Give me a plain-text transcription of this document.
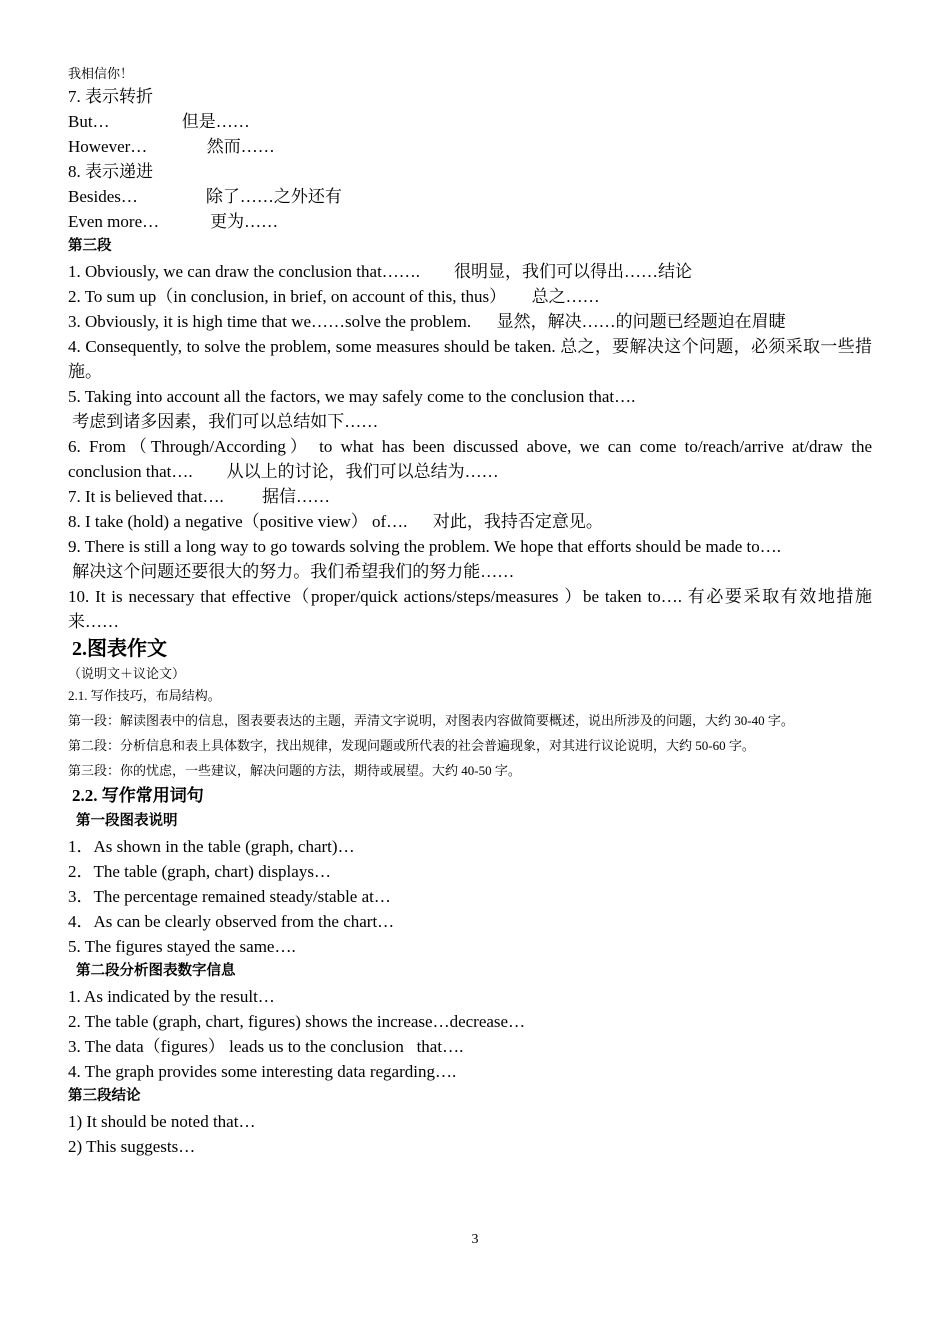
我相信你！
7. 表示转折
But…                 但是……
However…              然而……
8. 表示递进
Besides…                除了……之外还有
Even more…            更为……
第三段
1. Obviously, we can draw the conclusion that…….        很明显，我们可以得出……结论
2. To sum up（in conclusion, in brief, on account of this, thus）      总之……
3. Obviously, it is high time that we……solve the problem.      显然，解决……的问题已经题迫在眉睫
4. Consequently, to solve the problem, some measures should be taken. 总之，要解决这个问题，必须采取一些措施。
5. Taking into account all the factors, we may safely come to the conclusion that….
考虑到诸多因素，我们可以总结如下……
6. From（Through/According） to what has been discussed above, we can come to/reach/arrive at/draw the conclusion that….        从以上的讨论，我们可以总结为……
7. It is believed that….         据信……
8. I take (hold) a negative（positive view） of….      对此，我持否定意见。
9. There is still a long way to go towards solving the problem. We hope that efforts should be made to….
解决这个问题还要很大的努力。我们希望我们的努力能……
10. It is necessary that effective（proper/quick actions/steps/measures ）be taken to…. 有必要采取有效地措施来……
2.图表作文
（说明文＋议论文）
2.1. 写作技巧，布局结构。
第一段：解读图表中的信息，图表要表达的主题，弄清文字说明，对图表内容做简要概述，说出所涉及的问题，大约 30-40 字。
第二段：分析信息和表上具体数字，找出规律，发现问题或所代表的社会普遍现象，对其进行议论说明，大约 50-60 字。
第三段：你的忧虑，一些建议，解决问题的方法，期待或展望。大约 40-50 字。
2.2. 写作常用词句
第一段图表说明
1．As shown in the table (graph, chart)…
2．The table (graph, chart) displays…
3．The percentage remained steady/stable at…
4．As can be clearly observed from the chart…
5. The figures stayed the same….
第二段分析图表数字信息
1. As indicated by the result…
2. The table (graph, chart, figures) shows the increase…decrease…
3. The data（figures） leads us to the conclusion   that….
4. The graph provides some interesting data regarding….
第三段结论
1) It should be noted that…
2) This suggests…
3
